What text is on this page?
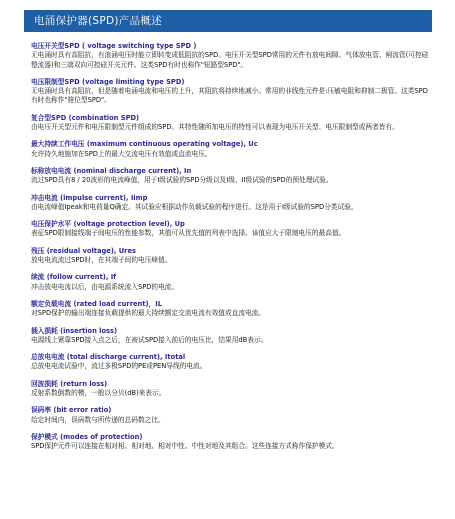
电涌保护器(SPD)产品概述
电压开关型SPD ( voltage switching type SPD )
无电涌时具有高阻抗，有浪涌电压时能立即转变成低阻抗的SPD。电压开关型SPD常用的元件有放电间隙、气体放电管、闸流管(可控硅整流器)和三端双向可控硅开关元件。这类SPD有时也称作"短路型SPD"。
电压限制型SPD (voltage limiting type SPD)
无电涌时具有高阻抗，但是随着电涌电流和电压的上升，其阻抗将持续地减小。常用的非线性元件是:压敏电阻和抑制二极管。这类SPD有时也称作"箝位型SPD"。
复合型SPD (combination SPD)
由电压开关型元件和电压限制型元件组成的SPD。其特性随所加电压的特性可以表现为电压开关型、电压限制型或两者皆有。
最大持续工作电压 (maximum continuous operating voltage), Uc
允许持久地施加在SPD上的最大交流电压有效值或直流电压。
标称放电电流 (nominal discharge current), In
流过SPD具有8 / 20波形的电流峰值，用于I级试验的SPD分级以及I级、II级试验的SPD的预处理试验。
冲击电流 (impulse current), Iimp
由电流峰值Ipeak和电荷量Q确定。其试验应根据动作负载试验的程序进行。这是用于I级试验的SPD分类试验。
电压保护水平 (voltage protection level), Up
表征SPD限制接线端子间电压的性能参数，其值可从优先值的列表中选择。该值应大于限制电压的最高值。
残压 (residual voltage), Ures
放电电流流过SPD时，在其端子间的电压峰值。
续流 (follow current), If
冲击放电电流以后，由电源系统流入SPD的电流。
额定负载电流 (rated load current)，IL
对SPD保护的输出端连接负载提供的最大持续额定交流电流有效值或直流电流。
插入损耗 (insertion loss)
电源线上紧靠SPD接入点之后，在被试SPD接入前后的电压比，结果用dB表示。
总放电电流 (total discharge current), Itotal
总放电电流试验中，流过多极SPD的PE或PEN导线的电流。
回波损耗 (return loss)
反射系数倒数的模，一般以分贝(dB)来表示。
误码率 (bit error ratio)
给定时间内，误码数与所传递的总码数之比。
保护模式 (modes of protection)
SPD保护元件可以连接在相对相、相对地、相对中性、中性对地及其组合。这些连接方式称作保护模式。
